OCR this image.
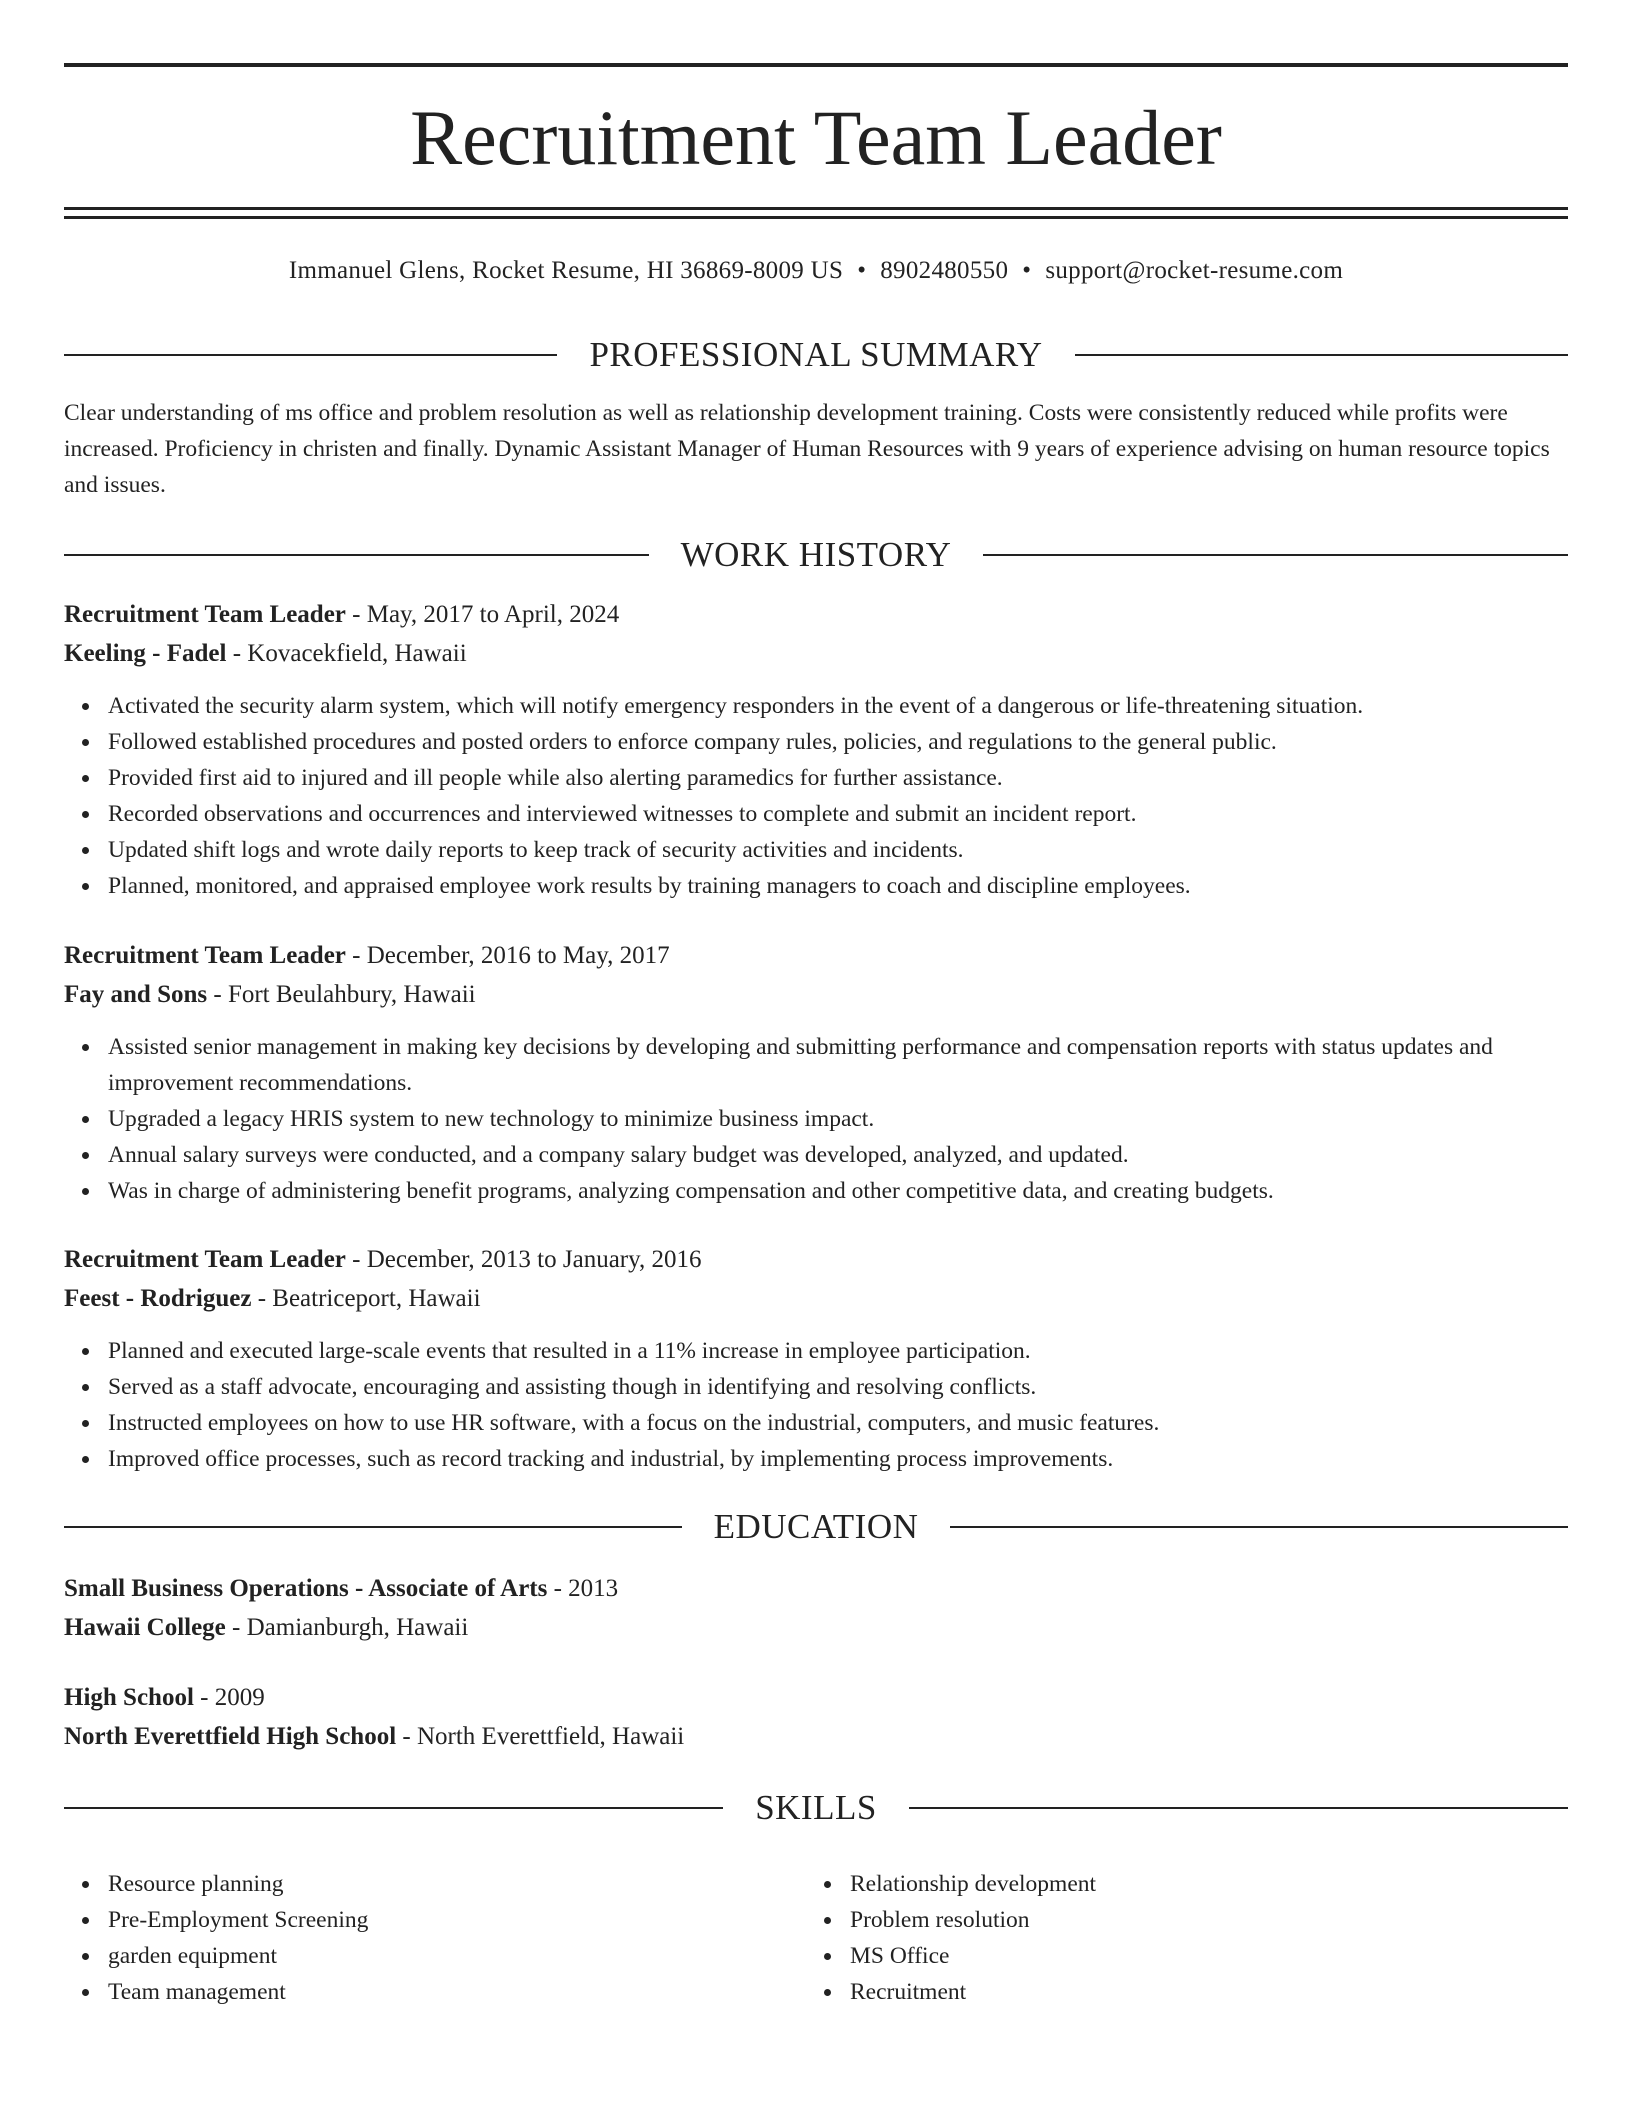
Recruitment Team Leader
Immanuel Glens, Rocket Resume, HI 36869-8009 US • 8902480550 • support@rocket-resume.com
PROFESSIONAL SUMMARY
Clear understanding of ms office and problem resolution as well as relationship development training. Costs were consistently reduced while profits were increased. Proficiency in christen and finally. Dynamic Assistant Manager of Human Resources with 9 years of experience advising on human resource topics and issues.
WORK HISTORY
Recruitment Team Leader - May, 2017 to April, 2024
Keeling - Fadel - Kovacekfield, Hawaii
Activated the security alarm system, which will notify emergency responders in the event of a dangerous or life-threatening situation.
Followed established procedures and posted orders to enforce company rules, policies, and regulations to the general public.
Provided first aid to injured and ill people while also alerting paramedics for further assistance.
Recorded observations and occurrences and interviewed witnesses to complete and submit an incident report.
Updated shift logs and wrote daily reports to keep track of security activities and incidents.
Planned, monitored, and appraised employee work results by training managers to coach and discipline employees.
Recruitment Team Leader - December, 2016 to May, 2017
Fay and Sons - Fort Beulahbury, Hawaii
Assisted senior management in making key decisions by developing and submitting performance and compensation reports with status updates and improvement recommendations.
Upgraded a legacy HRIS system to new technology to minimize business impact.
Annual salary surveys were conducted, and a company salary budget was developed, analyzed, and updated.
Was in charge of administering benefit programs, analyzing compensation and other competitive data, and creating budgets.
Recruitment Team Leader - December, 2013 to January, 2016
Feest - Rodriguez - Beatriceport, Hawaii
Planned and executed large-scale events that resulted in a 11% increase in employee participation.
Served as a staff advocate, encouraging and assisting though in identifying and resolving conflicts.
Instructed employees on how to use HR software, with a focus on the industrial, computers, and music features.
Improved office processes, such as record tracking and industrial, by implementing process improvements.
EDUCATION
Small Business Operations - Associate of Arts - 2013
Hawaii College - Damianburgh, Hawaii
High School - 2009
North Everettfield High School - North Everettfield, Hawaii
SKILLS
Resource planning
Pre-Employment Screening
garden equipment
Team management
Relationship development
Problem resolution
MS Office
Recruitment
